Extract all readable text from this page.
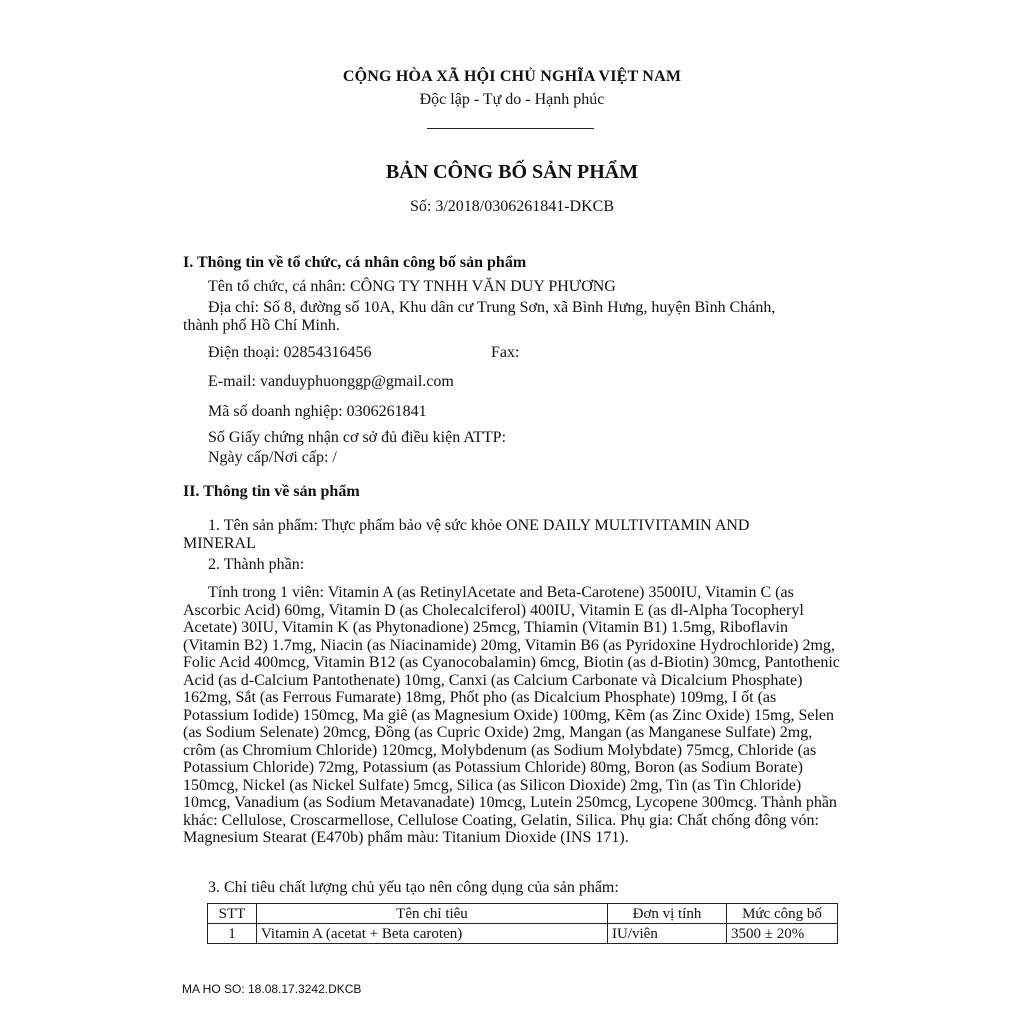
CỘNG HÒA XÃ HỘI CHỦ NGHĨA VIỆT NAM
Độc lập - Tự do - Hạnh phúc
BẢN CÔNG BỐ SẢN PHẨM
Số: 3/2018/0306261841-DKCB
I. Thông tin về tổ chức, cá nhân công bố sản phẩm
Tên tổ chức, cá nhân: CÔNG TY TNHH VĂN DUY PHƯƠNG
Địa chỉ: Số 8, đường số 10A, Khu dân cư Trung Sơn, xã Bình Hưng, huyện Bình Chánh,
thành phố Hồ Chí Minh.
Điện thoại: 02854316456	Fax:
E-mail: vanduyphuonggp@gmail.com
Mã số doanh nghiệp: 0306261841
Số Giấy chứng nhận cơ sở đủ điều kiện ATTP:
Ngày cấp/Nơi cấp: /
II. Thông tin về sản phẩm
1. Tên sản phẩm: Thực phẩm bảo vệ sức khỏe ONE DAILY MULTIVITAMIN AND MINERAL
2. Thành phần:
Tính trong 1 viên: Vitamin A (as RetinylAcetate and Beta-Carotene) 3500IU, Vitamin C (as Ascorbic Acid) 60mg, Vitamin D (as Cholecalciferol) 400IU, Vitamin E (as dl-Alpha Tocopheryl Acetate) 30IU, Vitamin K (as Phytonadione) 25mcg, Thiamin (Vitamin B1) 1.5mg, Riboflavin (Vitamin B2) 1.7mg, Niacin (as Niacinamide) 20mg, Vitamin B6 (as Pyridoxine Hydrochloride) 2mg, Folic Acid 400mcg, Vitamin B12 (as Cyanocobalamin) 6mcg, Biotin (as d-Biotin) 30mcg, Pantothenic Acid (as d-Calcium Pantothenate) 10mg, Canxi (as Calcium Carbonate và Dicalcium Phosphate) 162mg, Sắt (as Ferrous Fumarate) 18mg, Phốt pho (as Dicalcium Phosphate) 109mg, I ốt (as Potassium Iodide) 150mcg, Ma giê (as Magnesium Oxide) 100mg, Kẽm (as Zinc Oxide) 15mg, Selen (as Sodium Selenate) 20mcg, Đồng (as Cupric Oxide) 2mg, Mangan (as Manganese Sulfate) 2mg, crôm (as Chromium Chloride) 120mcg, Molybdenum (as Sodium Molybdate) 75mcg, Chloride (as Potassium Chloride) 72mg, Potassium (as Potassium Chloride) 80mg, Boron (as Sodium Borate) 150mcg, Nickel (as Nickel Sulfate) 5mcg, Silica (as Silicon Dioxide) 2mg, Tin (as Tin Chloride) 10mcg, Vanadium (as Sodium Metavanadate) 10mcg, Lutein 250mcg, Lycopene 300mcg. Thành phần khác: Cellulose, Croscarmellose, Cellulose Coating, Gelatin, Silica. Phụ gia: Chất chống đông vón: Magnesium Stearat (E470b) phẩm màu: Titanium Dioxide (INS 171).
3. Chỉ tiêu chất lượng chủ yếu tạo nên công dụng của sản phẩm:
STT	Tên chỉ tiêu	Đơn vị tính	Mức công bố
1	Vitamin A (acetat + Beta caroten)	IU/viên	3500 ± 20%
MA HO SO: 18.08.17.3242.DKCB
